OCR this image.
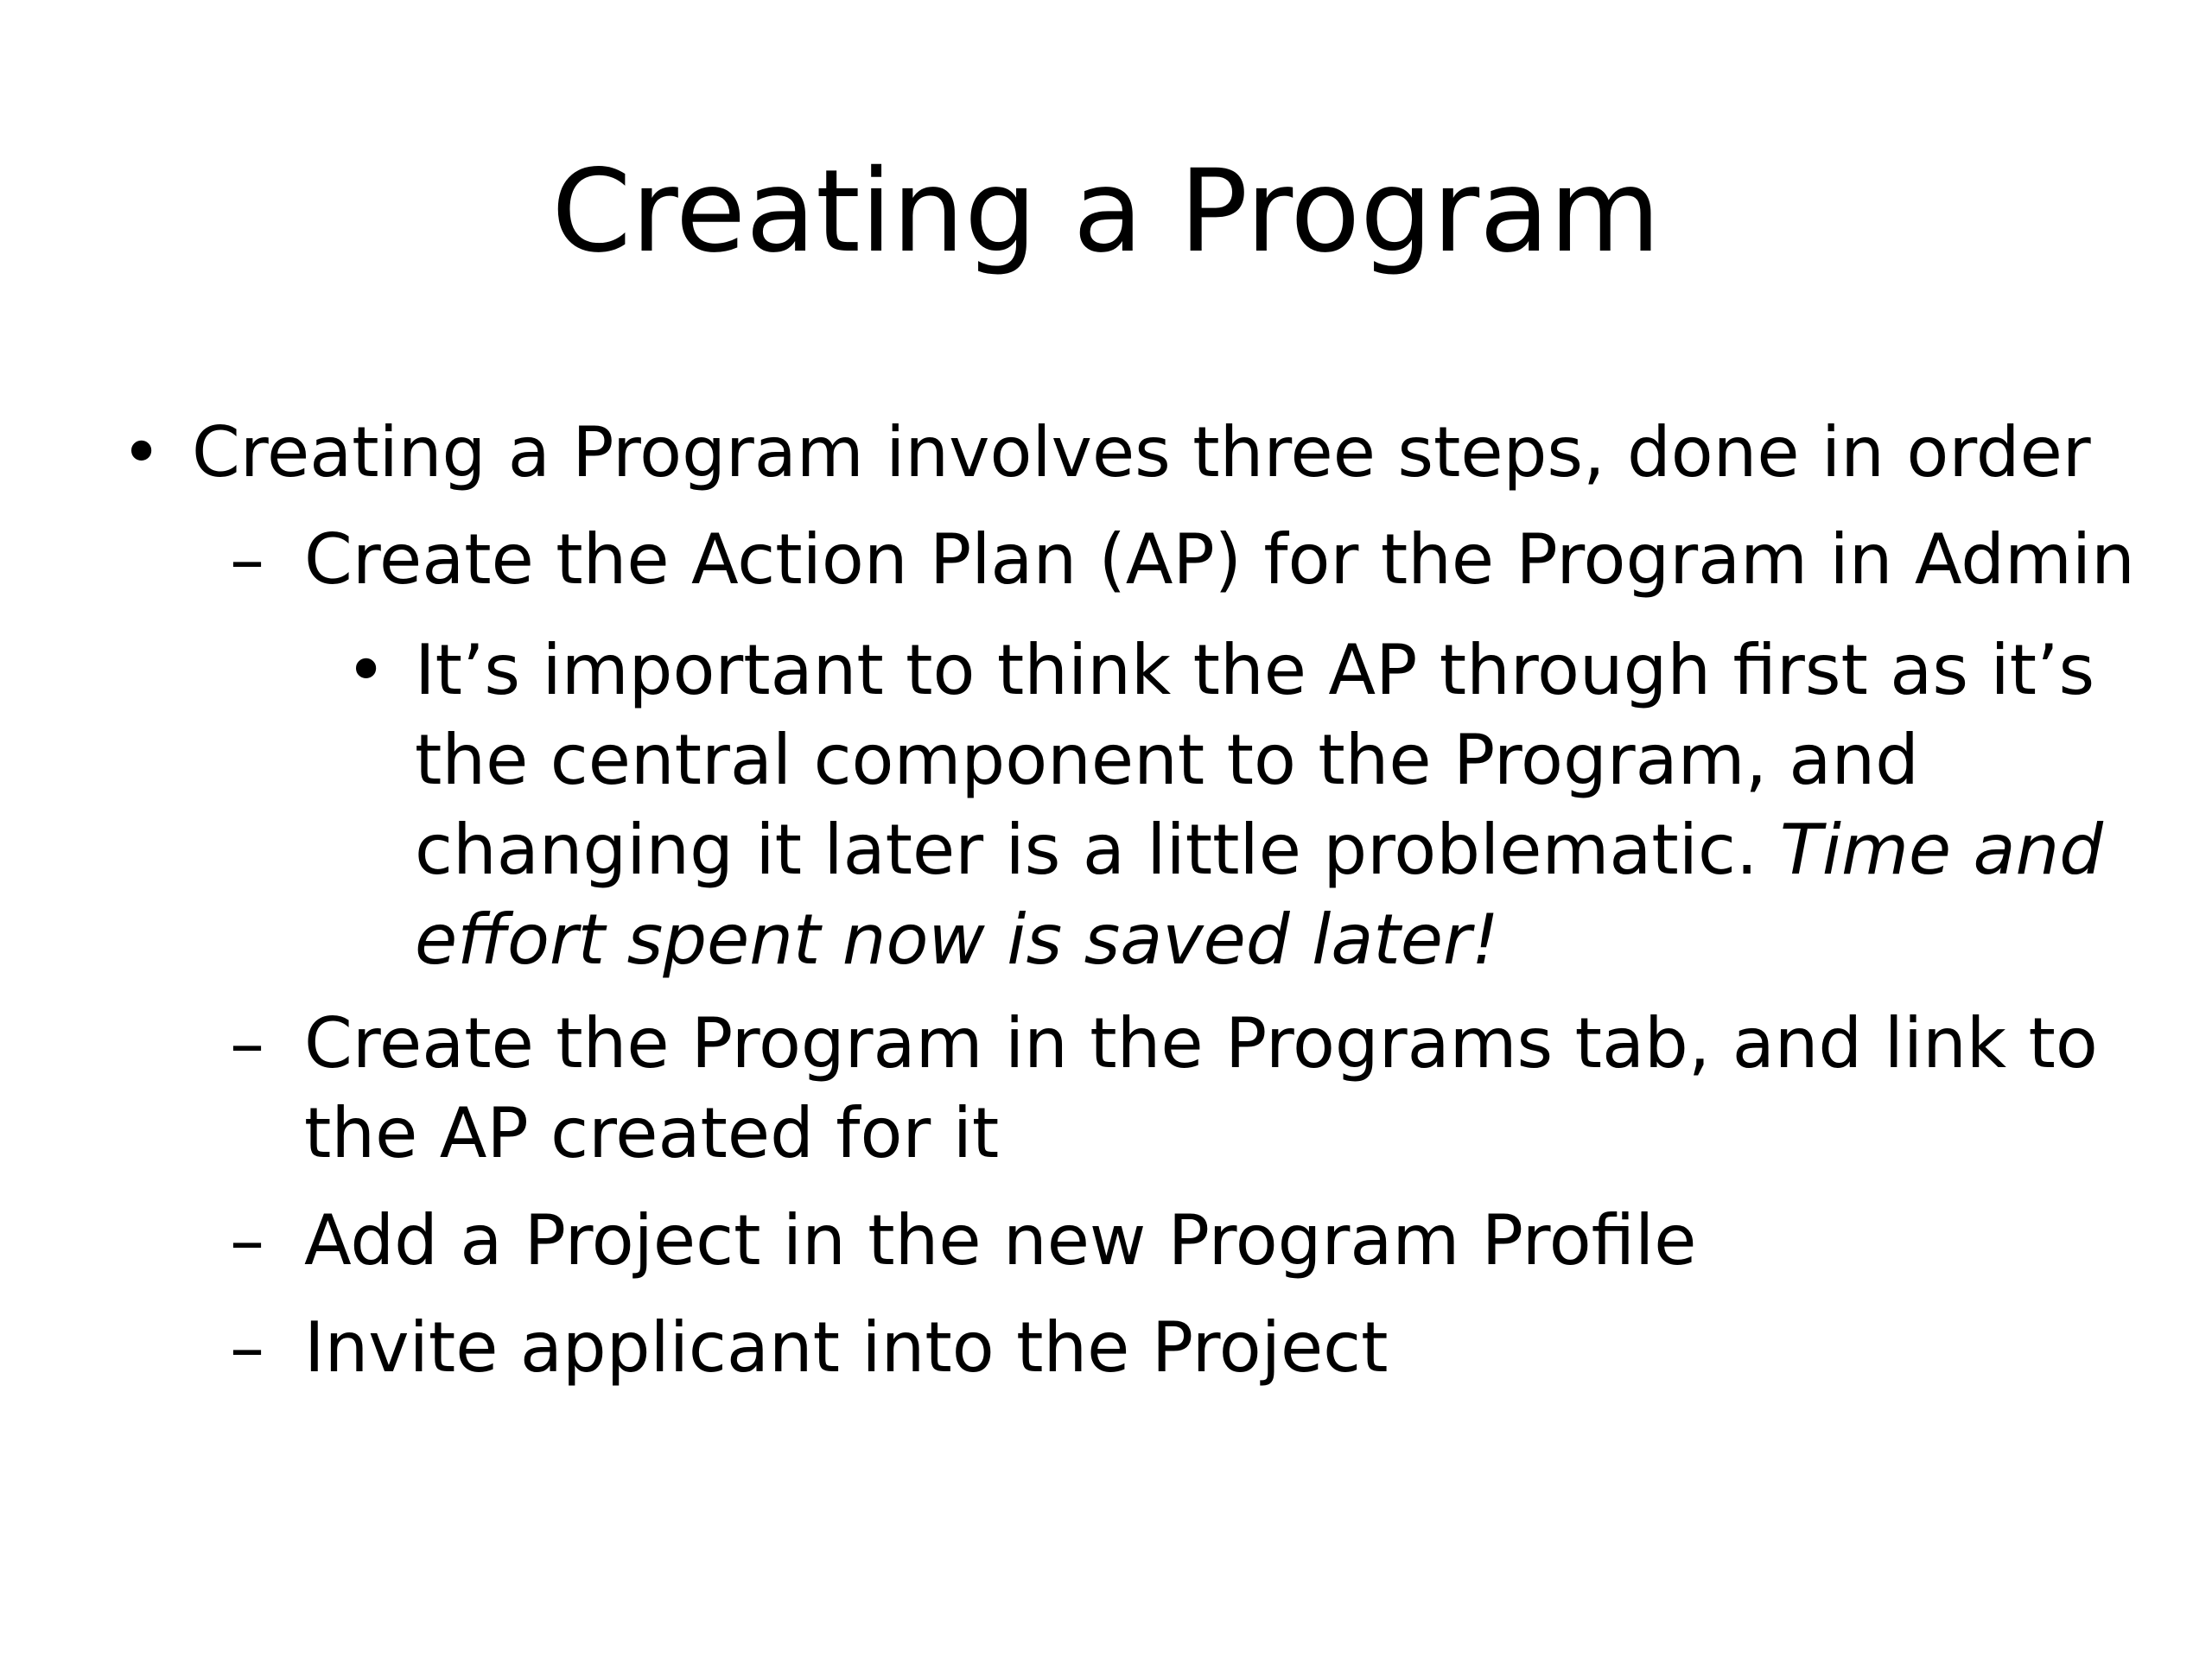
Creating a Program
• Creating a Program involves three steps, done in order
– Create the Action Plan (AP) for the Program in Admin
• It’s important to think the AP through first as it’s
the central component to the Program, and
changing it later is a little problematic. Time and
effort spent now is saved later!
– Create the Program in the Programs tab, and link to
the AP created for it
– Add a Project in the new Program Profile
– Invite applicant into the Project
